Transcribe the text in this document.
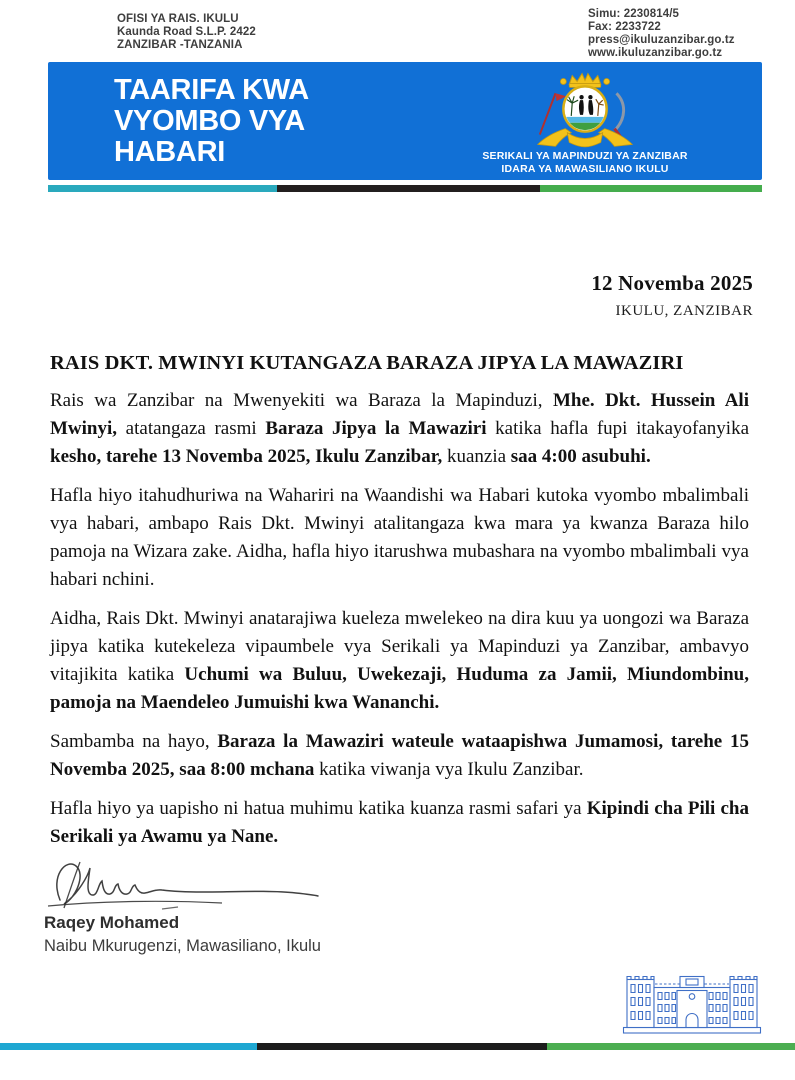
OFISI YA RAIS. IKULU
Kaunda Road S.L.P. 2422
ZANZIBAR -TANZANIA
Simu: 2230814/5
Fax: 2233722
press@ikuluzanzibar.go.tz
www.ikuluzanzibar.go.tz
TAARIFA KWA
VYOMBO VYA
HABARI	SERIKALI YA MAPINDUZI YA ZANZIBAR
IDARA YA MAWASILIANO IKULU
12 Novemba 2025
IKULU, ZANZIBAR
RAIS DKT. MWINYI KUTANGAZA BARAZA JIPYA LA MAWAZIRI

Rais wa Zanzibar na Mwenyekiti wa Baraza la Mapinduzi, Mhe. Dkt. Hussein Ali Mwinyi, atatangaza rasmi Baraza Jipya la Mawaziri katika hafla fupi itakayofanyika kesho, tarehe 13 Novemba 2025, Ikulu Zanzibar, kuanzia saa 4:00 asubuhi.

Hafla hiyo itahudhuriwa na Wahariri na Waandishi wa Habari kutoka vyombo mbalimbali vya habari, ambapo Rais Dkt. Mwinyi atalitangaza kwa mara ya kwanza Baraza hilo pamoja na Wizara zake. Aidha, hafla hiyo itarushwa mubashara na vyombo mbalimbali vya habari nchini.

Aidha, Rais Dkt. Mwinyi anatarajiwa kueleza mwelekeo na dira kuu ya uongozi wa Baraza jipya katika kutekeleza vipaumbele vya Serikali ya Mapinduzi ya Zanzibar, ambavyo vitajikita katika Uchumi wa Buluu, Uwekezaji, Huduma za Jamii, Miundombinu, pamoja na Maendeleo Jumuishi kwa Wananchi.

Sambamba na hayo, Baraza la Mawaziri wateule wataapishwa Jumamosi, tarehe 15 Novemba 2025, saa 8:00 mchana katika viwanja vya Ikulu Zanzibar.

Hafla hiyo ya uapisho ni hatua muhimu katika kuanza rasmi safari ya Kipindi cha Pili cha Serikali ya Awamu ya Nane.

Raqey Mohamed
Naibu Mkurugenzi, Mawasiliano, Ikulu
